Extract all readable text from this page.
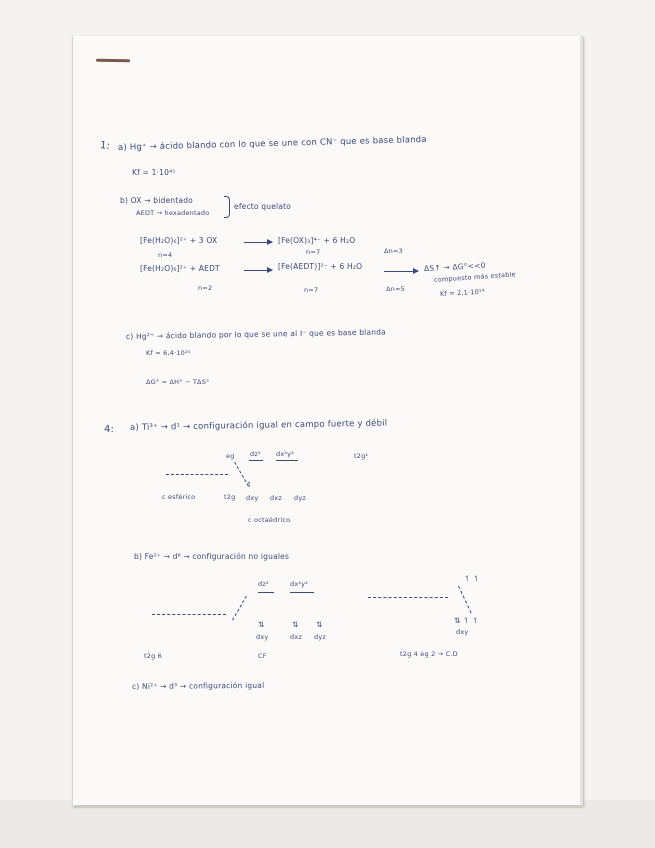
1: a) Hg⁺ → ácido blando con lo que se une con CN⁻ que es base blanda
Kf = 1·10⁴¹
b) OX → bidentado
AEDT → hexadentado
efecto quelato
[Fe(H₂O)₆]²⁺ + 3 OX	[Fe(OX)₃]⁴⁻ + 6 H₂O
n=4	n=7	Δn=3
[Fe(H₂O)₆]²⁺ + AEDT	[Fe(AEDT)]²⁻ + 6 H₂O	ΔS↑ → ΔG°<<0
n=2	n=7	Δn=5
compuesto más estable
Kf = 2,1·10¹⁴
c) Hg²⁺ → ácido blando por lo que se une al I⁻ que es base blanda
Kf = 6,4·10²⁰
ΔG° = ΔH° − TΔS°
4: a) Ti³⁺ → d¹ → configuración igual en campo fuerte y débil
eg dz² dx²y²	t2g¹
↿
c esférico	t2g dxy dxz dyz
c octaédrico
b) Fe²⁺ → d⁶ → configuración no iguales
dz²	dx²y²
⇅	⇅ ⇅
dxy	dxz dyz
t2g 6	CF
↿ ↿
⇅ ↿ ↿
dxy
t2g 4 eg 2 → C.D
c) Ni²⁺ → d³ → configuración igual
